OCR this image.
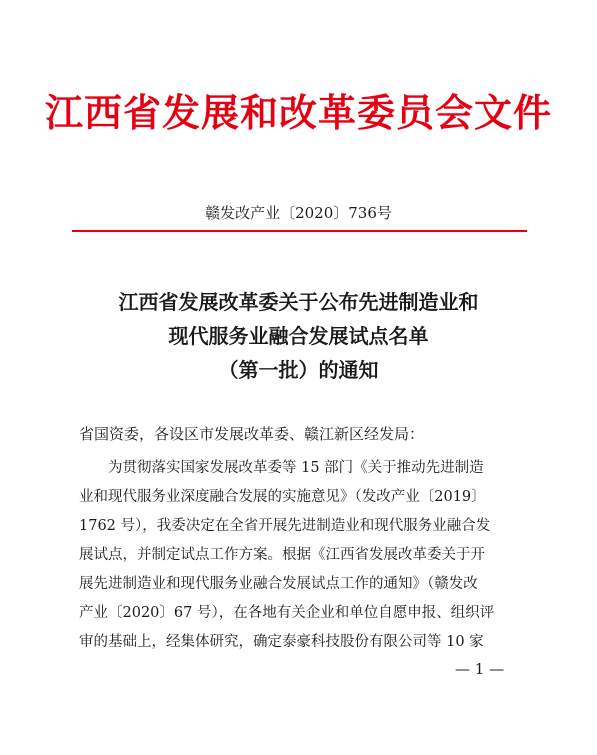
江西省发展和改革委员会文件
赣发改产业〔2020〕736号
江西省发展改革委关于公布先进制造业和
现代服务业融合发展试点名单
（第一批）的通知
省国资委，各设区市发展改革委、赣江新区经发局：
为贯彻落实国家发展改革委等 15 部门《关于推动先进制造
业和现代服务业深度融合发展的实施意见》（发改产业〔2019〕
1762 号），我委决定在全省开展先进制造业和现代服务业融合发
展试点，并制定试点工作方案。根据《江西省发展改革委关于开
展先进制造业和现代服务业融合发展试点工作的通知》（赣发改
产业〔2020〕67 号），在各地有关企业和单位自愿申报、组织评
审的基础上，经集体研究，确定泰豪科技股份有限公司等 10 家
— 1 —
